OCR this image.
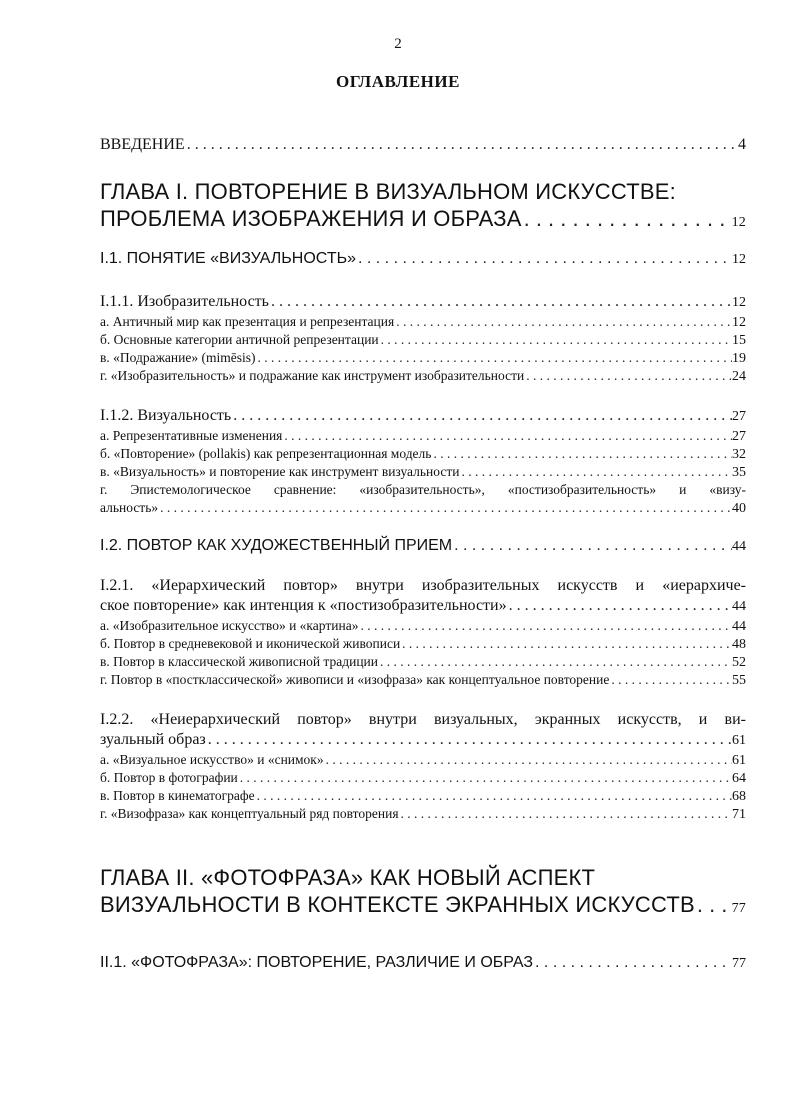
2
ОГЛАВЛЕНИЕ
ВВЕДЕНИЕ . . .	4
ГЛАВА I. ПОВТОРЕНИЕ В ВИЗУАЛЬНОМ ИСКУССТВЕ:
ПРОБЛЕМА ИЗОБРАЖЕНИЯ И ОБРАЗА . . .	12
I.1. ПОНЯТИЕ «ВИЗУАЛЬНОСТЬ» . . .	12
I.1.1. Изобразительность . . .	12
а. Античный мир как презентация и репрезентация . . .	12
б. Основные категории античной репрезентации . . .	15
в. «Подражание» (mimēsis) . . .	19
г. «Изобразительность» и подражание как инструмент изобразительности . . .	24
I.1.2. Визуальность . . .	27
а. Репрезентативные изменения . . .	27
б. «Повторение» (pollakis) как репрезентационная модель . . .	32
в. «Визуальность» и повторение как инструмент визуальности . . .	35
г. Эпистемологическое сравнение: «изобразительность», «постизобразительность» и «визу-
альность» . . .	40
I.2. ПОВТОР КАК ХУДОЖЕСТВЕННЫЙ ПРИЕМ . . .	44
I.2.1. «Иерархический повтор» внутри изобразительных искусств и «иерархиче-
ское повторение» как интенция к «постизобразительности» . . .	44
а. «Изобразительное искусство» и «картина» . . .	44
б. Повтор в средневековой и иконической живописи . . .	48
в. Повтор в классической живописной традиции . . .	52
г. Повтор в «постклассической» живописи и «изофраза» как концептуальное повторение . . .	55
I.2.2. «Неиерархический повтор» внутри визуальных, экранных искусств, и ви-
зуальный образ . . .	61
а. «Визуальное искусство» и «снимок» . . .	61
б. Повтор в фотографии . . .	64
в. Повтор в кинематографе . . .	68
г. «Визофраза» как концептуальный ряд повторения . . .	71
ГЛАВА II. «ФОТОФРАЗА» КАК НОВЫЙ АСПЕКТ
ВИЗУАЛЬНОСТИ В КОНТЕКСТЕ ЭКРАННЫХ ИСКУССТВ . . .	77
II.1. «ФОТОФРАЗА»: ПОВТОРЕНИЕ, РАЗЛИЧИЕ И ОБРАЗ . . .	77
